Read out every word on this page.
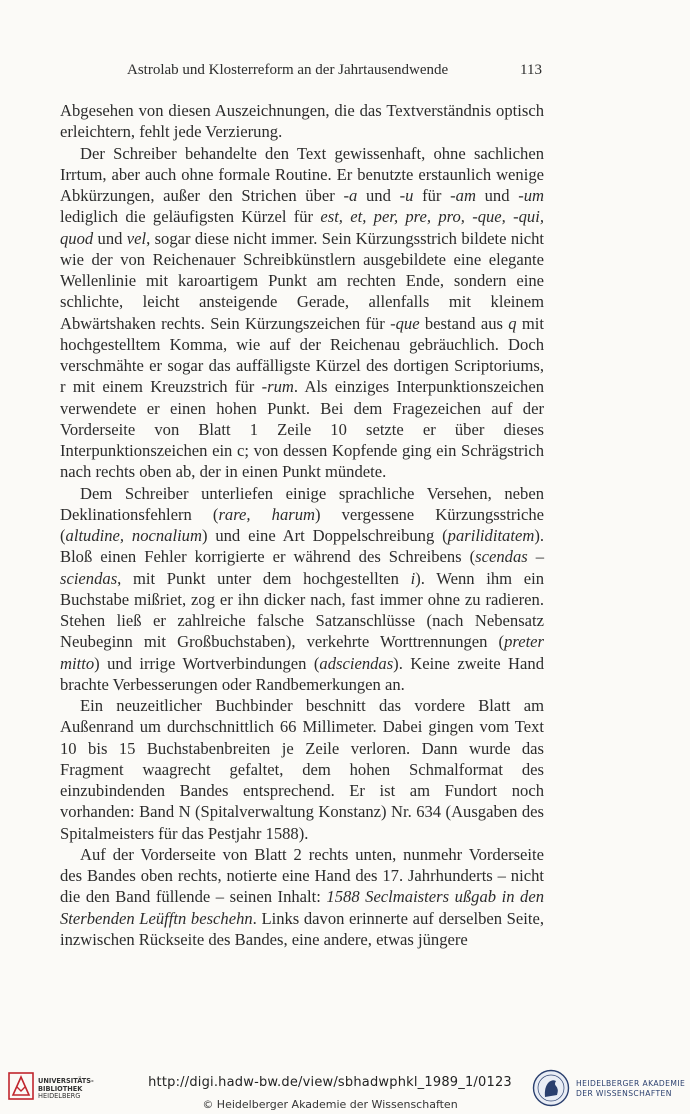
Astrolab und Klosterreform an der Jahrtausendwende	113

Abgesehen von diesen Auszeichnungen, die das Textverständnis optisch erleichtern, fehlt jede Verzierung.

Der Schreiber behandelte den Text gewissenhaft, ohne sachlichen Irrtum, aber auch ohne formale Routine. Er benutzte erstaunlich wenige Abkürzungen, außer den Strichen über -a und -u für -am und -um lediglich die geläufigsten Kürzel für est, et, per, pre, pro, -que, -qui, quod und vel, sogar diese nicht immer. Sein Kürzungsstrich bildete nicht wie der von Reichenauer Schreibkünstlern ausgebildete eine elegante Wellenlinie mit karoartigem Punkt am rechten Ende, sondern eine schlichte, leicht ansteigende Gerade, allenfalls mit kleinem Abwärtshaken rechts. Sein Kürzungszeichen für -que bestand aus q mit hochgestelltem Komma, wie auf der Reichenau gebräuchlich. Doch verschmähte er sogar das auffälligste Kürzel des dortigen Scriptoriums, r mit einem Kreuzstrich für -rum. Als einziges Interpunktionszeichen verwendete er einen hohen Punkt. Bei dem Fragezeichen auf der Vorderseite von Blatt 1 Zeile 10 setzte er über dieses Interpunktionszeichen ein c; von dessen Kopfende ging ein Schrägstrich nach rechts oben ab, der in einen Punkt mündete.

Dem Schreiber unterliefen einige sprachliche Versehen, neben Deklinationsfehlern (rare, harum) vergessene Kürzungsstriche (altudine, nocnalium) und eine Art Doppelschreibung (pariliditatem). Bloß einen Fehler korrigierte er während des Schreibens (scendas – sciendas, mit Punkt unter dem hochgestellten i). Wenn ihm ein Buchstabe mißriet, zog er ihn dicker nach, fast immer ohne zu radieren. Stehen ließ er zahlreiche falsche Satzanschlüsse (nach Nebensatz Neubeginn mit Großbuchstaben), verkehrte Worttrennungen (preter mitto) und irrige Wortverbindungen (adsciendas). Keine zweite Hand brachte Verbesserungen oder Randbemerkungen an.

Ein neuzeitlicher Buchbinder beschnitt das vordere Blatt am Außenrand um durchschnittlich 66 Millimeter. Dabei gingen vom Text 10 bis 15 Buchstabenbreiten je Zeile verloren. Dann wurde das Fragment waagrecht gefaltet, dem hohen Schmalformat des einzubindenden Bandes entsprechend. Er ist am Fundort noch vorhanden: Band N (Spitalverwaltung Konstanz) Nr. 634 (Ausgaben des Spitalmeisters für das Pestjahr 1588).

Auf der Vorderseite von Blatt 2 rechts unten, nunmehr Vorderseite des Bandes oben rechts, notierte eine Hand des 17. Jahrhunderts – nicht die den Band füllende – seinen Inhalt: 1588 Seclmaisters ußgab in den Sterbenden Leüfftn beschehn. Links davon erinnerte auf derselben Seite, inzwischen Rückseite des Bandes, eine andere, etwas jüngere

UNIVERSITÄTS-
BIBLIOTHEK
HEIDELBERG
http://digi.hadw-bw.de/view/sbhadwphkl_1989_1/0123
© Heidelberger Akademie der Wissenschaften
HEIDELBERGER AKADEMIE
DER WISSENSCHAFTEN
